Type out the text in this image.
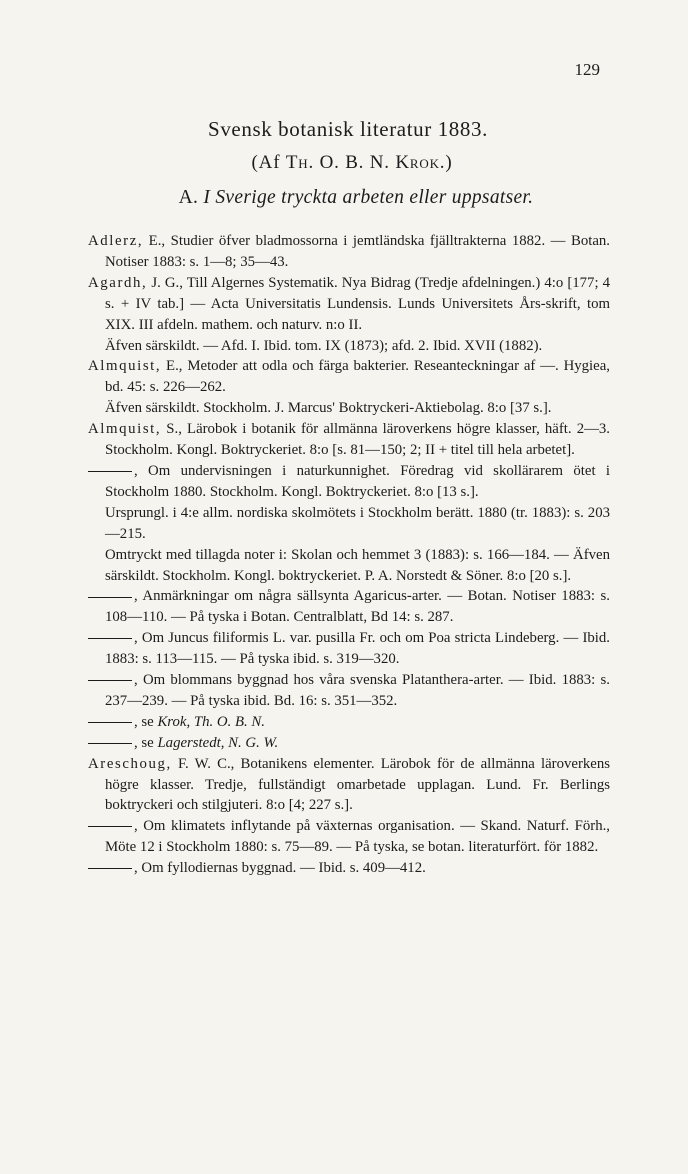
129
Svensk botanisk literatur 1883.
(Af Th. O. B. N. Krok.)
A. I Sverige tryckta arbeten eller uppsatser.

Adlerz, E., Studier öfver bladmossorna i jemtländska fjälltrakterna 1882. — Botan. Notiser 1883: s. 1—8; 35—43.

Agardh, J. G., Till Algernes Systematik. Nya Bidrag (Tredje afdelningen.) 4:o [177; 4 s. + IV tab.] — Acta Universitatis Lundensis. Lunds Universitets Års-skrift, tom XIX. III afdeln. mathem. och naturv. n:o II.

Äfven särskildt. — Afd. I. Ibid. tom. IX (1873); afd. 2. Ibid. XVII (1882).

Almquist, E., Metoder att odla och färga bakterier. Reseanteckningar af —. Hygiea, bd. 45: s. 226—262.

Äfven särskildt. Stockholm. J. Marcus' Boktryckeri-Aktiebolag. 8:o [37 s.].

Almquist, S., Lärobok i botanik för allmänna läroverkens högre klasser, häft. 2—3. Stockholm. Kongl. Boktryckeriet. 8:o [s. 81—150; 2; II + titel till hela arbetet].

, Om undervisningen i naturkunnighet. Föredrag vid skollärarem ötet i Stockholm 1880. Stockholm. Kongl. Boktryckeriet. 8:o [13 s.].

Ursprungl. i 4:e allm. nordiska skolmötets i Stockholm berätt. 1880 (tr. 1883): s. 203—215.

Omtryckt med tillagda noter i: Skolan och hemmet 3 (1883): s. 166—184. — Äfven särskildt. Stockholm. Kongl. boktryckeriet. P. A. Norstedt & Söner. 8:o [20 s.].

, Anmärkningar om några sällsynta Agaricus-arter. — Botan. Notiser 1883: s. 108—110. — På tyska i Botan. Centralblatt, Bd 14: s. 287.

, Om Juncus filiformis L. var. pusilla Fr. och om Poa stricta Lindeberg. — Ibid. 1883: s. 113—115. — På tyska ibid. s. 319—320.

, Om blommans byggnad hos våra svenska Platanthera-arter. — Ibid. 1883: s. 237—239. — På tyska ibid. Bd. 16: s. 351—352.

, se Krok, Th. O. B. N.

, se Lagerstedt, N. G. W.

Areschoug, F. W. C., Botanikens elementer. Lärobok för de allmänna läroverkens högre klasser. Tredje, fullständigt omarbetade upplagan. Lund. Fr. Berlings boktryckeri och stilgjuteri. 8:o [4; 227 s.].

, Om klimatets inflytande på växternas organisation. — Skand. Naturf. Förh., Möte 12 i Stockholm 1880: s. 75—89. — På tyska, se botan. literaturfört. för 1882.

, Om fyllodiernas byggnad. — Ibid. s. 409—412.
